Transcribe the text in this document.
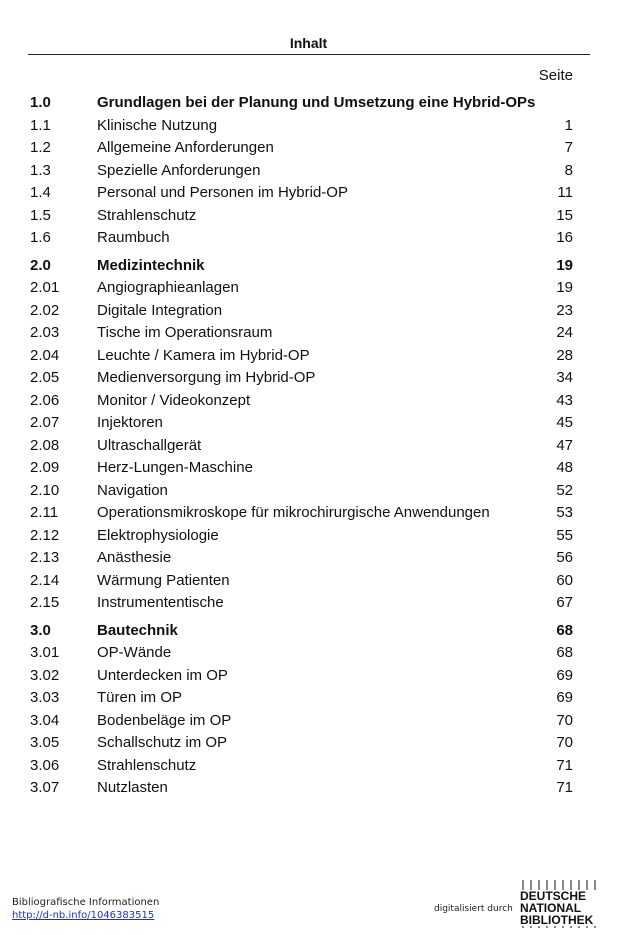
Inhalt
Seite
1.0	Grundlagen bei der Planung und Umsetzung eine Hybrid-OPs
1.1	Klinische Nutzung	1
1.2	Allgemeine Anforderungen	7
1.3	Spezielle Anforderungen	8
1.4	Personal und Personen im Hybrid-OP	11
1.5	Strahlenschutz	15
1.6	Raumbuch	16
2.0	Medizintechnik	19
2.01	Angiographieanlagen	19
2.02	Digitale Integration	23
2.03	Tische im Operationsraum	24
2.04	Leuchte / Kamera im Hybrid-OP	28
2.05	Medienversorgung im Hybrid-OP	34
2.06	Monitor / Videokonzept	43
2.07	Injektoren	45
2.08	Ultraschallgerät	47
2.09	Herz-Lungen-Maschine	48
2.10	Navigation	52
2.11	Operationsmikroskope für mikrochirurgische Anwendungen	53
2.12	Elektrophysiologie	55
2.13	Anästhesie	56
2.14	Wärmung Patienten	60
2.15	Instrumententische	67
3.0	Bautechnik	68
3.01	OP-Wände	68
3.02	Unterdecken im OP	69
3.03	Türen im OP	69
3.04	Bodenbeläge im OP	70
3.05	Schallschutz im OP	70
3.06	Strahlenschutz	71
3.07	Nutzlasten	71
Bibliografische Informationen
http://d-nb.info/1046383515
digitalisiert durch
DEUTSCHE
NATIONAL
BIBLIOTHEK
